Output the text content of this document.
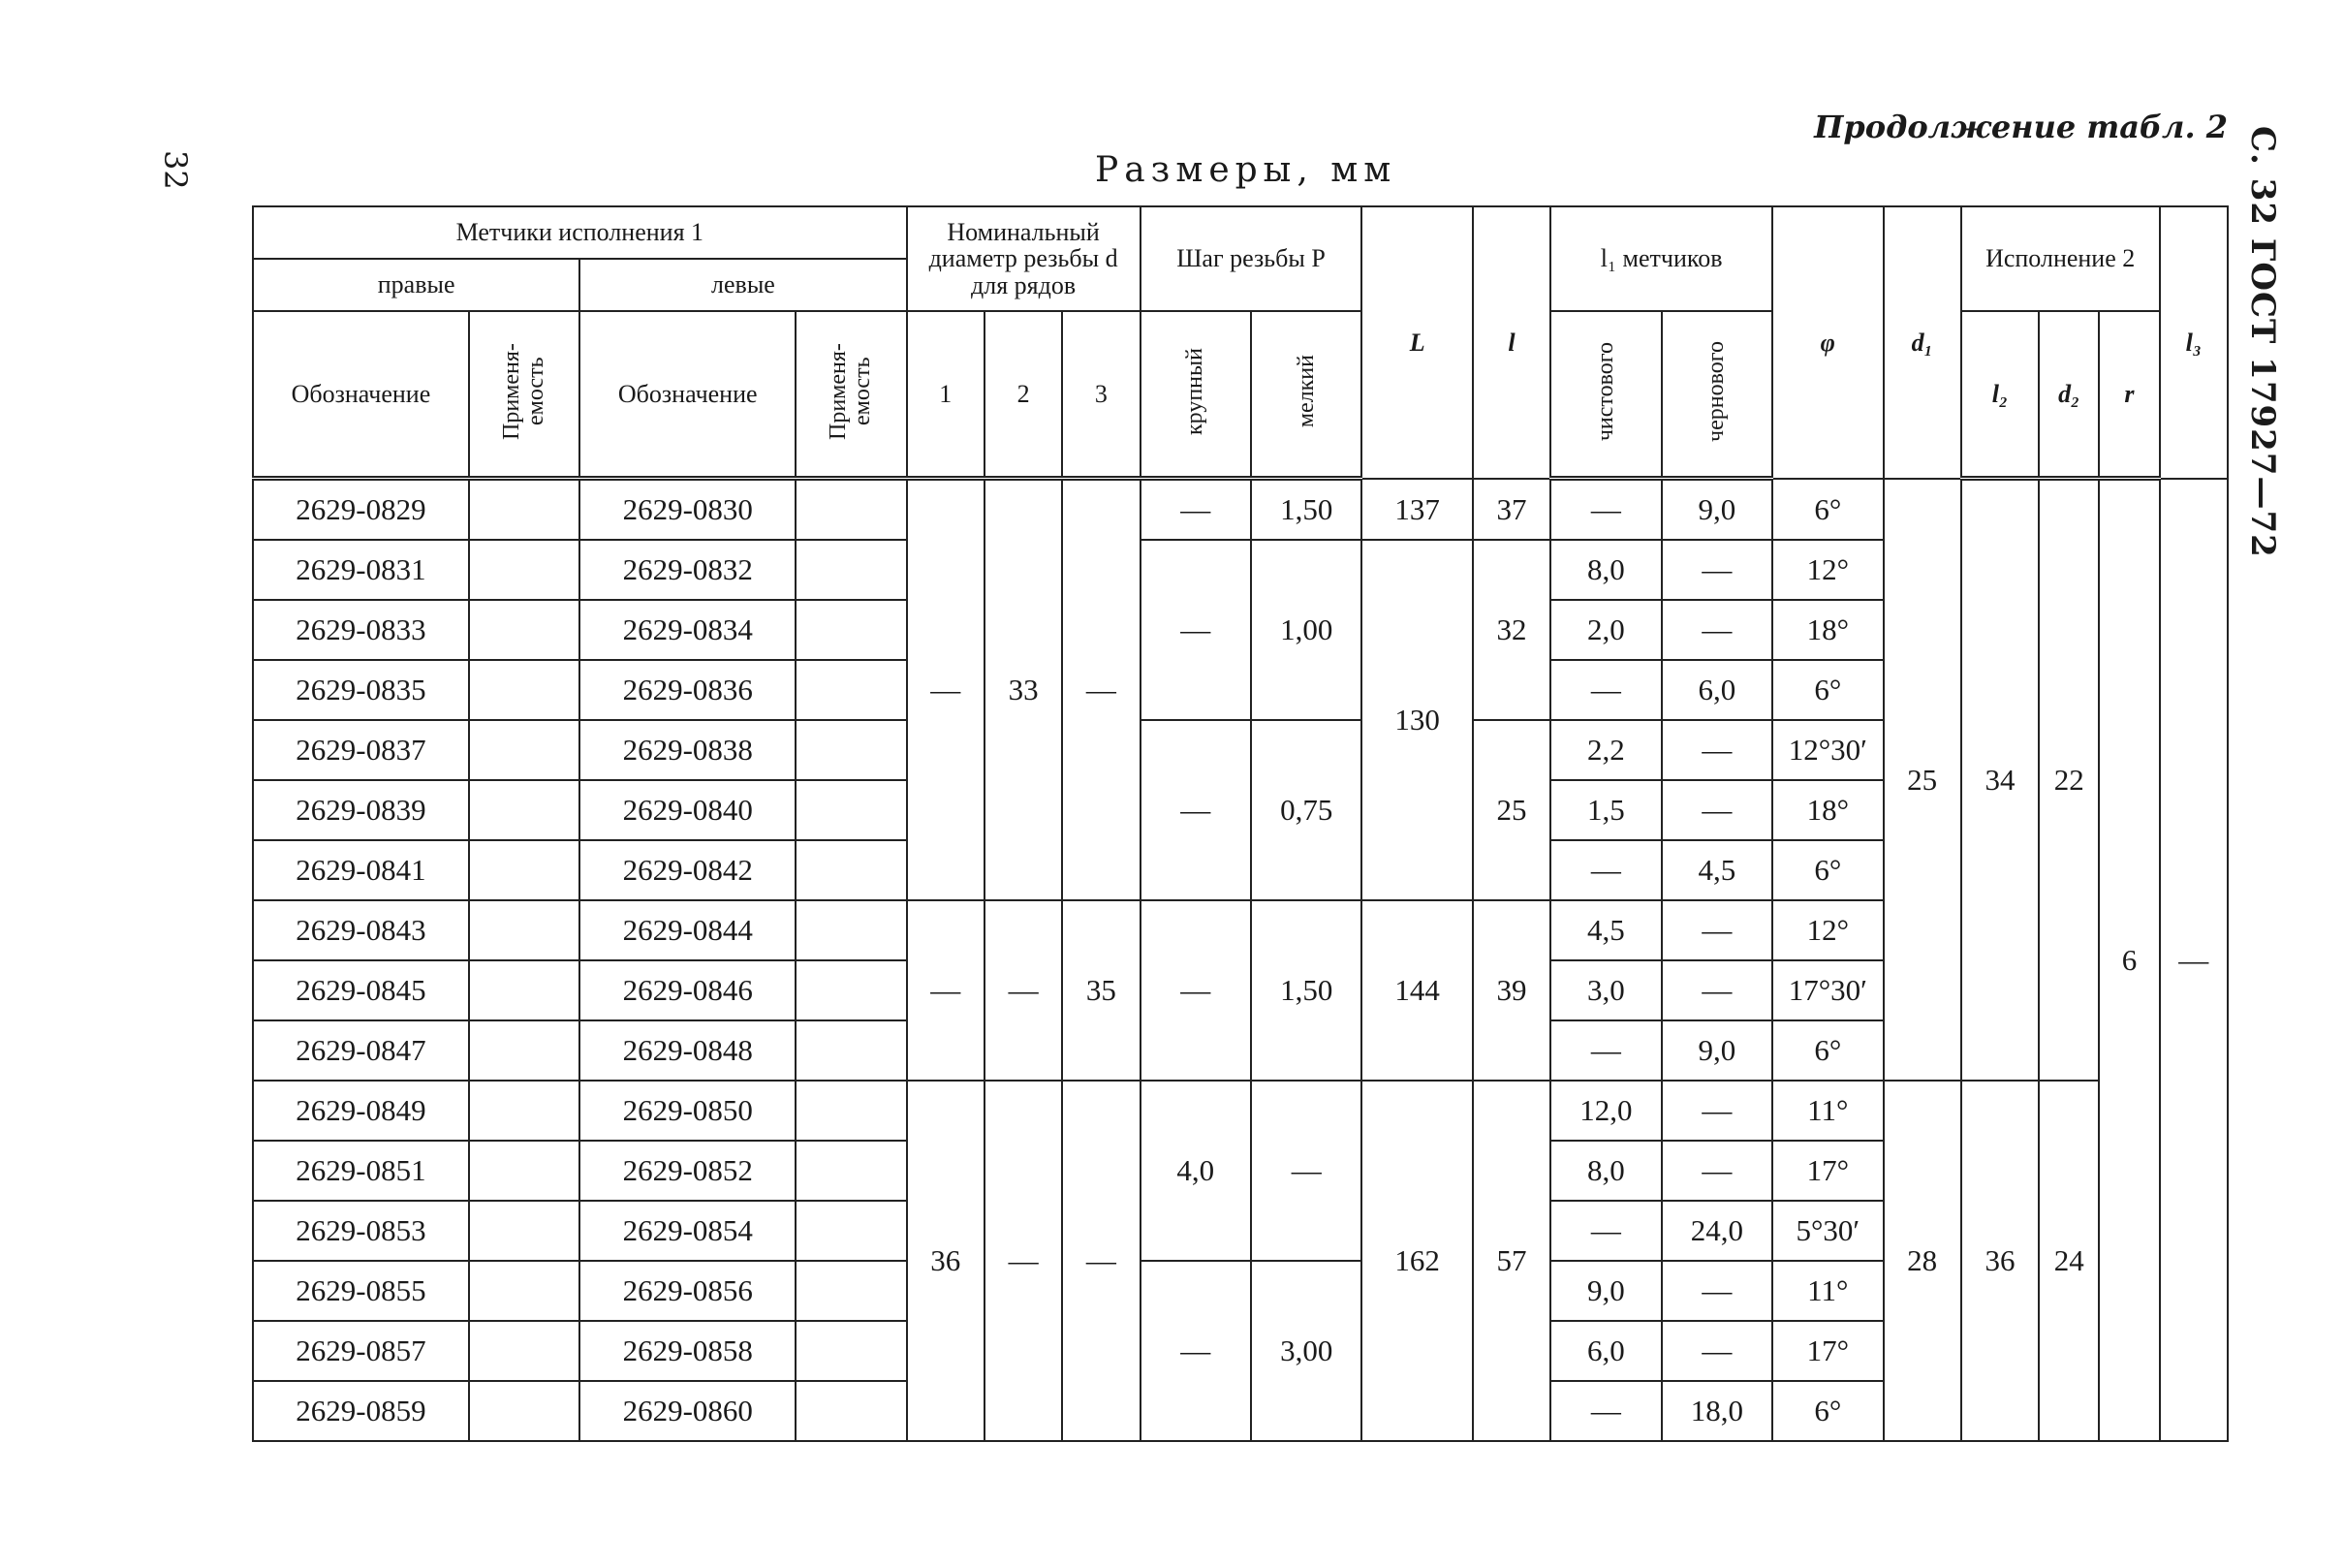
32	С. 32 ГОСТ 17927—72
Продолжение табл. 2
Размеры, мм
Метчики исполнения 1				Номинальный диаметр резьбы d для рядов			Шаг резьбы P		L	l	l₁ метчиков		φ	d₁	Исполнение 2			l₃
правые		левые																
Обозначение	Применя-емость	Обозначение	Применя-емость	1	2	3	крупный	мелкий			чистового	чернового			l₂	d₂	r	
2629-0829		2629-0830		—	33	—	—	1,50	137	37	—	9,0	6°	25	34	22	6	—
2629-0831		2629-0832					—	1,00	130	32	8,0	—	12°					
2629-0833		2629-0834									2,0	—	18°					
2629-0835		2629-0836									—	6,0	6°					
2629-0837		2629-0838					—	0,75		25	2,2	—	12°30′					
2629-0839		2629-0840									1,5	—	18°					
2629-0841		2629-0842									—	4,5	6°					
2629-0843		2629-0844		—	—	35	—	1,50	144	39	4,5	—	12°					
2629-0845		2629-0846									3,0	—	17°30′					
2629-0847		2629-0848									—	9,0	6°					
2629-0849		2629-0850		36	—	—	4,0	—	162	57	12,0	—	11°	28	36	24		
2629-0851		2629-0852									8,0	—	17°					
2629-0853		2629-0854									—	24,0	5°30′					
2629-0855		2629-0856					—	3,00			9,0	—	11°					
2629-0857		2629-0858									6,0	—	17°					
2629-0859		2629-0860									—	18,0	6°					
